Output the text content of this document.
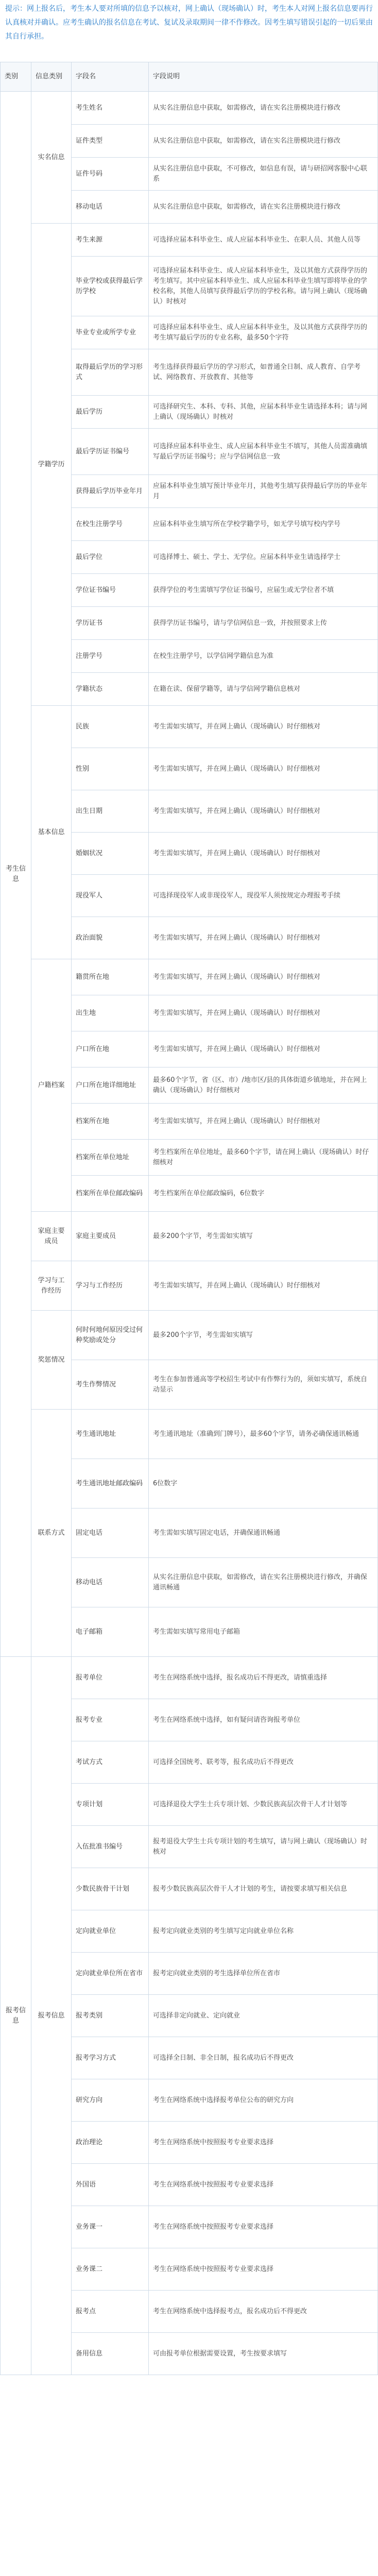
提示：网上报名后，考生本人要对所填的信息予以核对，网上确认（现场确认）时，考生本人对网上报名信息要再行认真核对并确认。应考生确认的报名信息在考试、复试及录取期间一律不作修改。因考生填写错误引起的一切后果由其自行承担。
类别	信息类别	字段名	字段说明
考生信息	实名信息	考生姓名	从实名注册信息中获取，如需修改，请在实名注册模块进行修改
		证件类型	从实名注册信息中获取，如需修改，请在实名注册模块进行修改
		证件号码	从实名注册信息中获取，不可修改，如信息有误，请与研招网客服中心联系
		移动电话	从实名注册信息中获取，如需修改，请在实名注册模块进行修改
	学籍学历	考生来源	可选择应届本科毕业生、成人应届本科毕业生、在职人员、其他人员等
		毕业学校或获得最后学历学校	可选择应届本科毕业生、成人应届本科毕业生，及以其他方式获得学历的考生填写。其中应届本科毕业生、成人应届本科毕业生填写即将毕业的学校名称，其他人员填写获得最后学历的学校名称。请与网上确认（现场确认）时核对
		毕业专业或所学专业	可选择应届本科毕业生、成人应届本科毕业生，及以其他方式获得学历的考生填写最后学历的专业名称，最多50个字符
		取得最后学历的学习形式	考生选择获得最后学历的学习形式，如普通全日制、成人教育、自学考试、网络教育、开放教育、其他等
		最后学历	可选择研究生、本科、专科、其他，应届本科毕业生请选择本科；请与网上确认（现场确认）时核对
		最后学历证书编号	可选择应届本科毕业生、成人应届本科毕业生不填写，其他人员需准确填写最后学历证书编号；应与学信网信息一致
		获得最后学历毕业年月	应届本科毕业生填写预计毕业年月，其他考生填写获得最后学历的毕业年月
		在校生注册学号	应届本科毕业生填写所在学校学籍学号，如无学号填写校内学号
		最后学位	可选择博士、硕士、学士、无学位。应届本科毕业生请选择学士
		学位证书编号	获得学位的考生需填写学位证书编号，应届生或无学位者不填
		学历证书	获得学历证书编号，请与学信网信息一致，并按照要求上传
		注册学号	在校生注册学号，以学信网学籍信息为准
		学籍状态	在籍在读、保留学籍等，请与学信网学籍信息核对
	基本信息	民族	考生需如实填写，并在网上确认（现场确认）时仔细核对
		性别	考生需如实填写，并在网上确认（现场确认）时仔细核对
		出生日期	考生需如实填写，并在网上确认（现场确认）时仔细核对
		婚姻状况	考生需如实填写，并在网上确认（现场确认）时仔细核对
		现役军人	可选择现役军人或非现役军人，现役军人须按规定办理报考手续
		政治面貌	考生需如实填写，并在网上确认（现场确认）时仔细核对
	户籍档案	籍贯所在地	考生需如实填写，并在网上确认（现场确认）时仔细核对
		出生地	考生需如实填写，并在网上确认（现场确认）时仔细核对
		户口所在地	考生需如实填写，并在网上确认（现场确认）时仔细核对
		户口所在地详细地址	最多60个字节，省（区、市）/地市区/县的具体街道乡镇地址，并在网上确认（现场确认）时仔细核对
		档案所在地	考生需如实填写，并在网上确认（现场确认）时仔细核对
		档案所在单位地址	考生档案所在单位地址，最多60个字节，请在网上确认（现场确认）时仔细核对
		档案所在单位邮政编码	考生档案所在单位邮政编码，6位数字
	家庭主要成员	家庭主要成员	最多200个字节，考生需如实填写
	学习与工作经历	学习与工作经历	考生需如实填写，并在网上确认（现场确认）时仔细核对
	奖惩情况	何时何地何原因受过何种奖励或处分	最多200个字节，考生需如实填写
		考生作弊情况	考生在参加普通高等学校招生考试中有作弊行为的，须如实填写，系统自动显示
	联系方式	考生通讯地址	考生通讯地址（准确到门牌号），最多60个字节，请务必确保通讯畅通
		考生通讯地址邮政编码	6位数字
		固定电话	考生需如实填写固定电话，并确保通讯畅通
		移动电话	从实名注册信息中获取，如需修改，请在实名注册模块进行修改，并确保通讯畅通
		电子邮箱	考生需如实填写常用电子邮箱
报考信息	报考信息	报考单位	考生在网络系统中选择，报名成功后不得更改，请慎重选择
		报考专业	考生在网络系统中选择，如有疑问请咨询报考单位
		考试方式	可选择全国统考、联考等，报名成功后不得更改
		专项计划	可选择退役大学生士兵专项计划、少数民族高层次骨干人才计划等
		入伍批准书编号	报考退役大学生士兵专项计划的考生填写，请与网上确认（现场确认）时核对
		少数民族骨干计划	报考少数民族高层次骨干人才计划的考生，请按要求填写相关信息
		定向就业单位	报考定向就业类别的考生填写定向就业单位名称
		定向就业单位所在省市	报考定向就业类别的考生选择单位所在省市
		报考类别	可选择非定向就业、定向就业
		报考学习方式	可选择全日制、非全日制，报名成功后不得更改
		研究方向	考生在网络系统中选择报考单位公布的研究方向
		政治理论	考生在网络系统中按照报考专业要求选择
		外国语	考生在网络系统中按照报考专业要求选择
		业务课一	考生在网络系统中按照报考专业要求选择
		业务课二	考生在网络系统中按照报考专业要求选择
		报考点	考生在网络系统中选择报考点，报名成功后不得更改
		备用信息	可由报考单位根据需要设置，考生按要求填写
